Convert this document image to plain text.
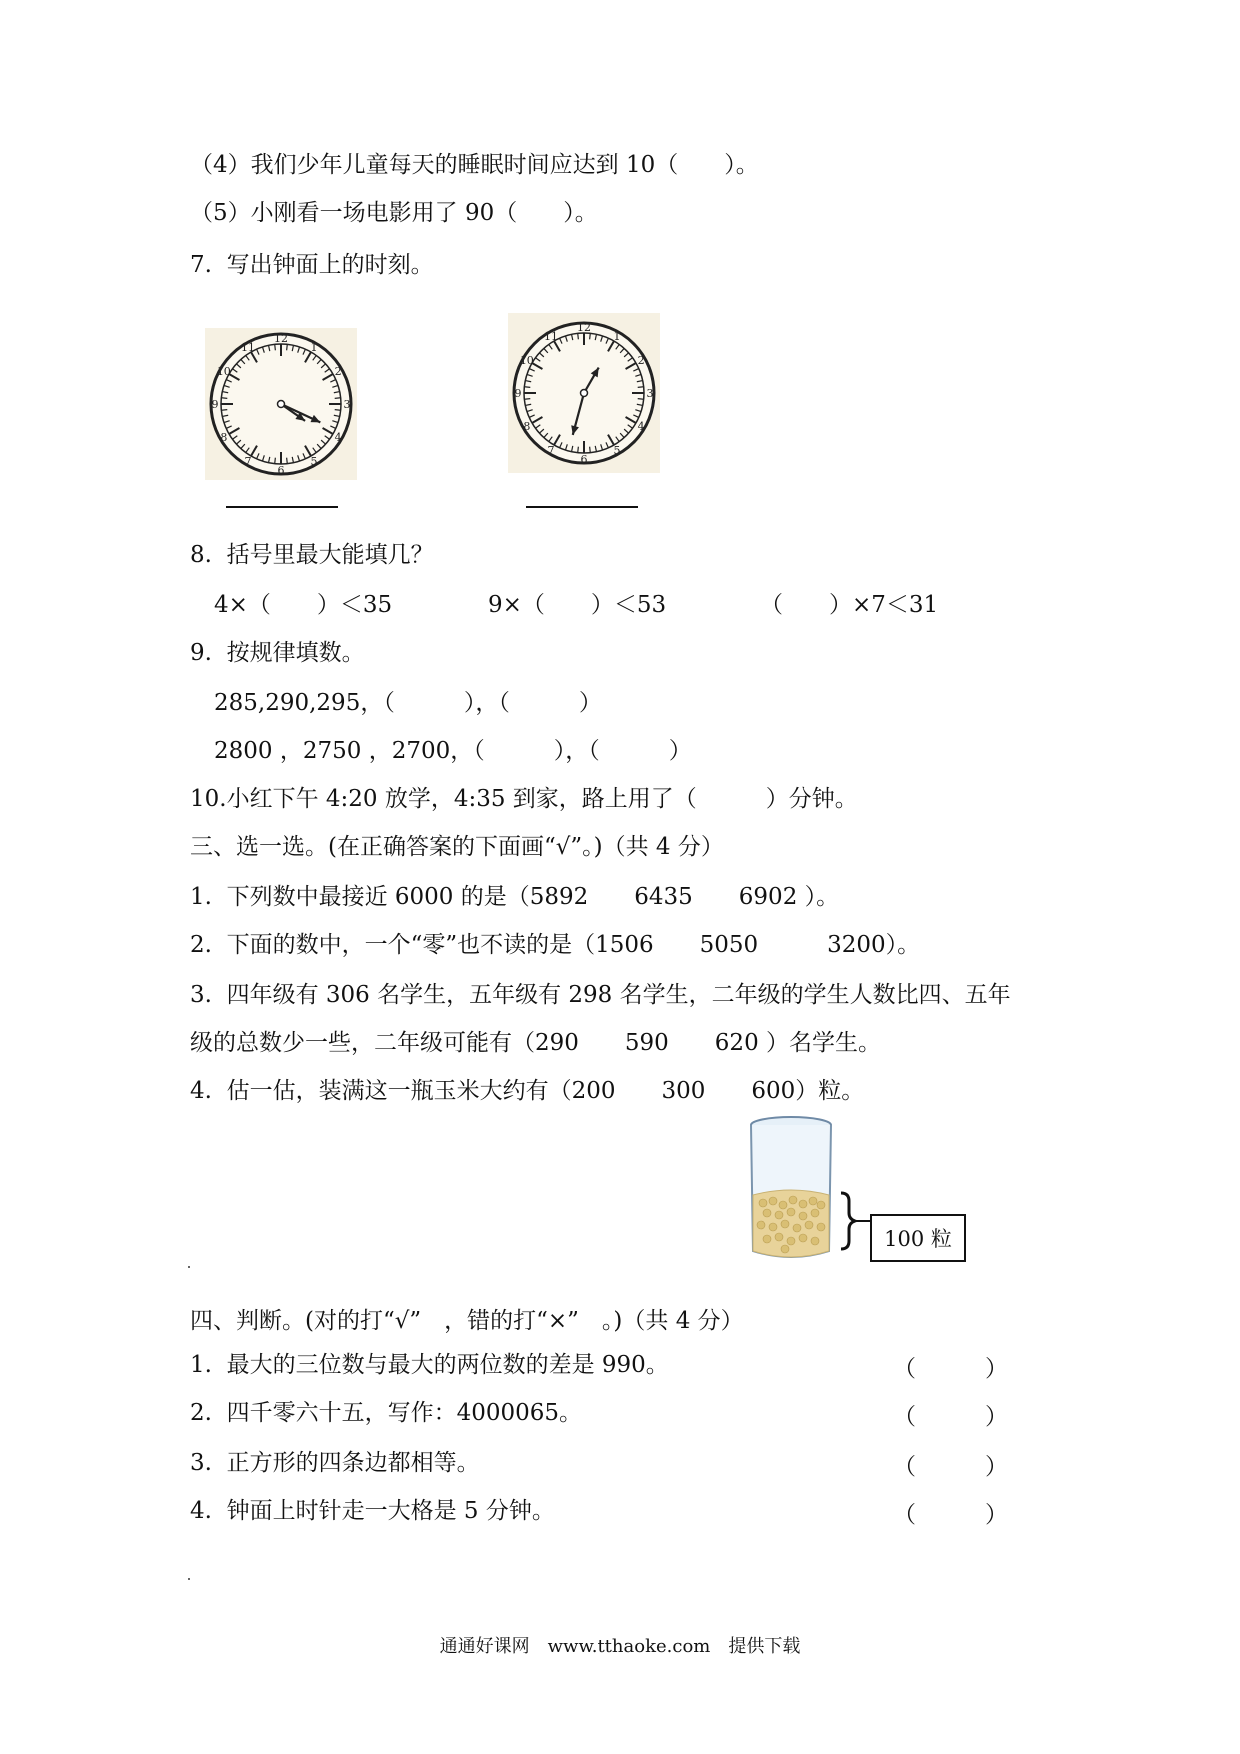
（4）我们少年儿童每天的睡眠时间应达到 10（　　）。
（5）小刚看一场电影用了 90（　　）。
7.  写出钟面上的时刻。
12
1
2
3
4
5
6
7
8
9
10
11
12
1
2
3
4
5
6
7
8
9
10
11
8.  括号里最大能填几？
4×（　　）＜35	9×（　　）＜53	（　　）×7＜31
9.  按规律填数。
285,290,295，（　　　），（　　　）
2800 ，2750 ，2700，（　　　），（　　　）
10.小红下午 4:20 放学，4:35 到家，路上用了（　　　）分钟。
三、选一选。(在正确答案的下面画“√”。)（共 4 分）
1.  下列数中最接近 6000 的是（5892　　6435　　6902 ）。
2.  下面的数中，一个“零”也不读的是（1506　　5050　　　3200）。
3.  四年级有 306 名学生，五年级有 298 名学生，二年级的学生人数比四、五年
级的总数少一些，二年级可能有（290　　590　　620 ）名学生。
4.  估一估，装满这一瓶玉米大约有（200　　300　　600）粒。
100 粒
四、判断。(对的打“√”　，错的打“×”　。)（共 4 分）
1.  最大的三位数与最大的两位数的差是 990。	（　　　）
2.  四千零六十五，写作：4000065。	（　　　）
3.  正方形的四条边都相等。	（　　　）
4.  钟面上时针走一大格是 5 分钟。	（　　　）
通通好课网　www.tthaoke.com　提供下载
